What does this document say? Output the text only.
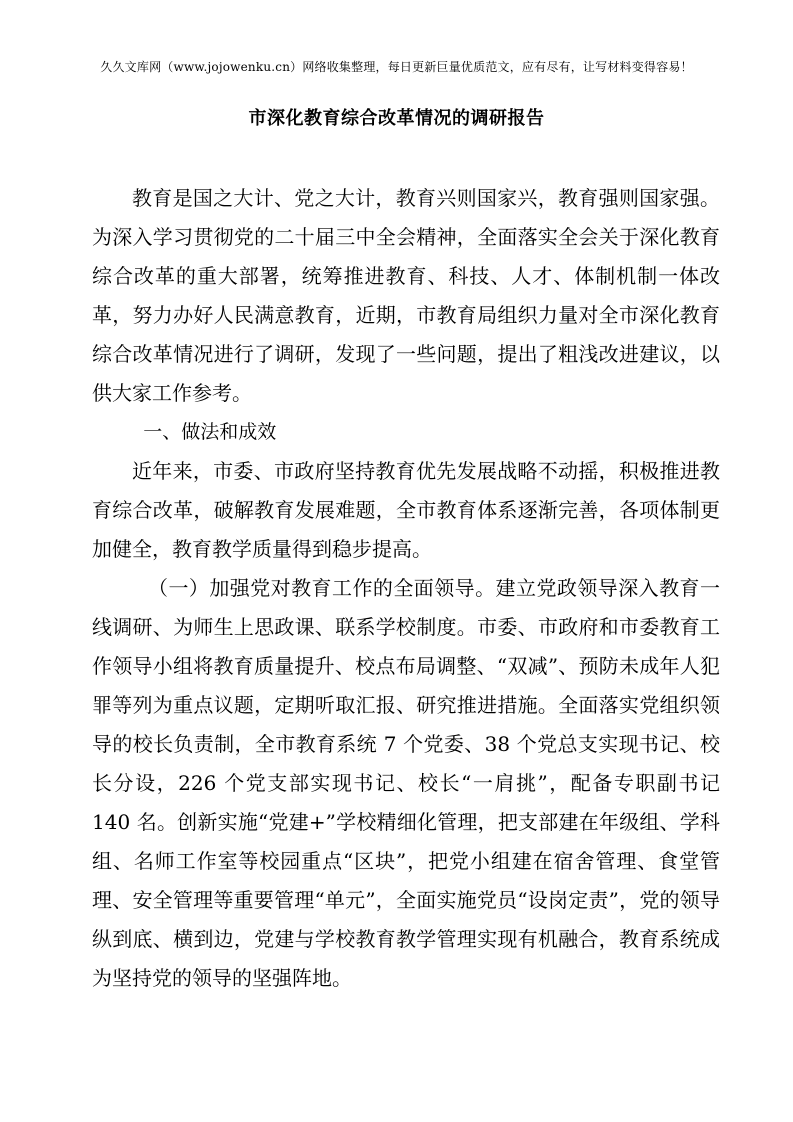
久久文库网（www.jojowenku.cn）网络收集整理，每日更新巨量优质范文，应有尽有，让写材料变得容易！
市深化教育综合改革情况的调研报告

教育是国之大计、党之大计，教育兴则国家兴，教育强则国家强。为深入学习贯彻党的二十届三中全会精神，全面落实全会关于深化教育综合改革的重大部署，统筹推进教育、科技、人才、体制机制一体改革，努力办好人民满意教育，近期，市教育局组织力量对全市深化教育综合改革情况进行了调研，发现了一些问题，提出了粗浅改进建议，以供大家工作参考。

一、做法和成效

近年来，市委、市政府坚持教育优先发展战略不动摇，积极推进教育综合改革，破解教育发展难题，全市教育体系逐渐完善，各项体制更加健全，教育教学质量得到稳步提高。

（一）加强党对教育工作的全面领导。建立党政领导深入教育一线调研、为师生上思政课、联系学校制度。市委、市政府和市委教育工作领导小组将教育质量提升、校点布局调整、“双减”、预防未成年人犯罪等列为重点议题，定期听取汇报、研究推进措施。全面落实党组织领导的校长负责制，全市教育系统 7 个党委、38 个党总支实现书记、校长分设，226 个党支部实现书记、校长“一肩挑”，配备专职副书记 140 名。创新实施“党建+”学校精细化管理，把支部建在年级组、学科组、名师工作室等校园重点“区块”，把党小组建在宿舍管理、食堂管理、安全管理等重要管理“单元”，全面实施党员“设岗定责”，党的领导纵到底、横到边，党建与学校教育教学管理实现有机融合，教育系统成为坚持党的领导的坚强阵地。
